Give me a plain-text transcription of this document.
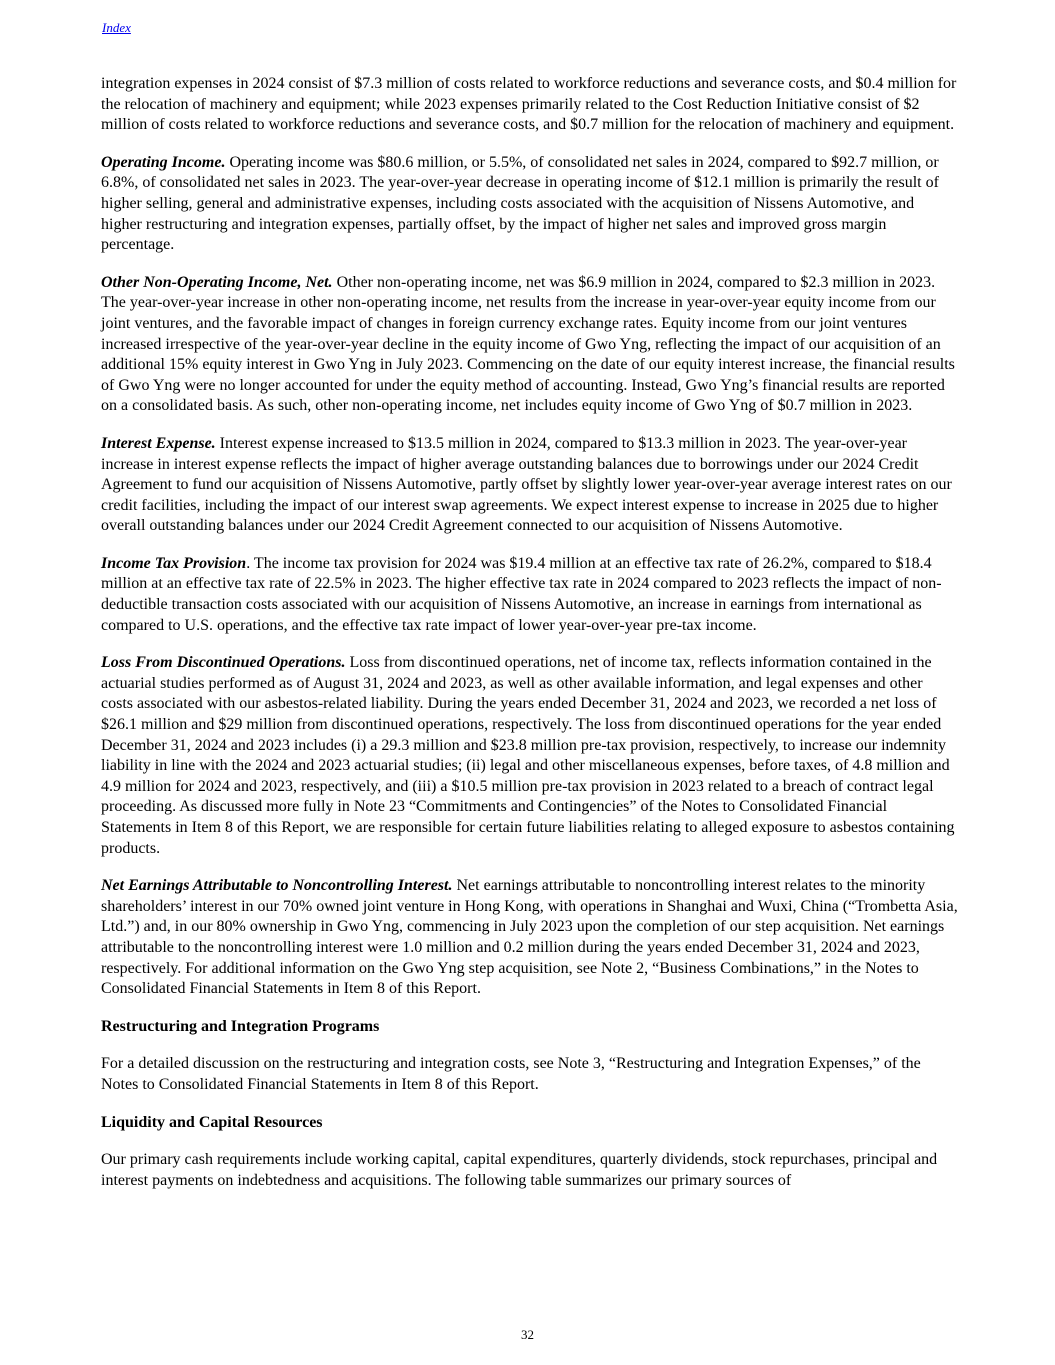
Index

integration expenses in 2024 consist of $7.3 million of costs related to workforce reductions and severance costs, and $0.4 million for the relocation of machinery and equipment; while 2023 expenses primarily related to the Cost Reduction Initiative consist of $2 million of costs related to workforce reductions and severance costs, and $0.7 million for the relocation of machinery and equipment.

Operating Income. Operating income was $80.6 million, or 5.5%, of consolidated net sales in 2024, compared to $92.7 million, or 6.8%, of consolidated net sales in 2023. The year-over-year decrease in operating income of $12.1 million is primarily the result of higher selling, general and administrative expenses, including costs associated with the acquisition of Nissens Automotive, and higher restructuring and integration expenses, partially offset, by the impact of higher net sales and improved gross margin percentage.

Other Non-Operating Income, Net. Other non-operating income, net was $6.9 million in 2024, compared to $2.3 million in 2023. The year-over-year increase in other non-operating income, net results from the increase in year-over-year equity income from our joint ventures, and the favorable impact of changes in foreign currency exchange rates. Equity income from our joint ventures increased irrespective of the year-over-year decline in the equity income of Gwo Yng, reflecting the impact of our acquisition of an additional 15% equity interest in Gwo Yng in July 2023. Commencing on the date of our equity interest increase, the financial results of Gwo Yng were no longer accounted for under the equity method of accounting. Instead, Gwo Yng’s financial results are reported on a consolidated basis. As such, other non-operating income, net includes equity income of Gwo Yng of $0.7 million in 2023.

Interest Expense. Interest expense increased to $13.5 million in 2024, compared to $13.3 million in 2023. The year-over-year increase in interest expense reflects the impact of higher average outstanding balances due to borrowings under our 2024 Credit Agreement to fund our acquisition of Nissens Automotive, partly offset by slightly lower year-over-year average interest rates on our credit facilities, including the impact of our interest swap agreements. We expect interest expense to increase in 2025 due to higher overall outstanding balances under our 2024 Credit Agreement connected to our acquisition of Nissens Automotive.

Income Tax Provision. The income tax provision for 2024 was $19.4 million at an effective tax rate of 26.2%, compared to $18.4 million at an effective tax rate of 22.5% in 2023. The higher effective tax rate in 2024 compared to 2023 reflects the impact of non-deductible transaction costs associated with our acquisition of Nissens Automotive, an increase in earnings from international as compared to U.S. operations, and the effective tax rate impact of lower year-over-year pre-tax income.

Loss From Discontinued Operations. Loss from discontinued operations, net of income tax, reflects information contained in the actuarial studies performed as of August 31, 2024 and 2023, as well as other available information, and legal expenses and other costs associated with our asbestos-related liability. During the years ended December 31, 2024 and 2023, we recorded a net loss of $26.1 million and $29 million from discontinued operations, respectively. The loss from discontinued operations for the year ended December 31, 2024 and 2023 includes (i) a 29.3 million and $23.8 million pre-tax provision, respectively, to increase our indemnity liability in line with the 2024 and 2023 actuarial studies; (ii) legal and other miscellaneous expenses, before taxes, of 4.8 million and 4.9 million for 2024 and 2023, respectively, and (iii) a $10.5 million pre-tax provision in 2023 related to a breach of contract legal proceeding. As discussed more fully in Note 23 “Commitments and Contingencies” of the Notes to Consolidated Financial Statements in Item 8 of this Report, we are responsible for certain future liabilities relating to alleged exposure to asbestos containing products.

Net Earnings Attributable to Noncontrolling Interest. Net earnings attributable to noncontrolling interest relates to the minority shareholders’ interest in our 70% owned joint venture in Hong Kong, with operations in Shanghai and Wuxi, China (“Trombetta Asia, Ltd.”) and, in our 80% ownership in Gwo Yng, commencing in July 2023 upon the completion of our step acquisition. Net earnings attributable to the noncontrolling interest were 1.0 million and 0.2 million during the years ended December 31, 2024 and 2023, respectively. For additional information on the Gwo Yng step acquisition, see Note 2, “Business Combinations,” in the Notes to Consolidated Financial Statements in Item 8 of this Report.

Restructuring and Integration Programs

For a detailed discussion on the restructuring and integration costs, see Note 3, “Restructuring and Integration Expenses,” of the Notes to Consolidated Financial Statements in Item 8 of this Report.

Liquidity and Capital Resources

Our primary cash requirements include working capital, capital expenditures, quarterly dividends, stock repurchases, principal and interest payments on indebtedness and acquisitions. The following table summarizes our primary sources of

32
